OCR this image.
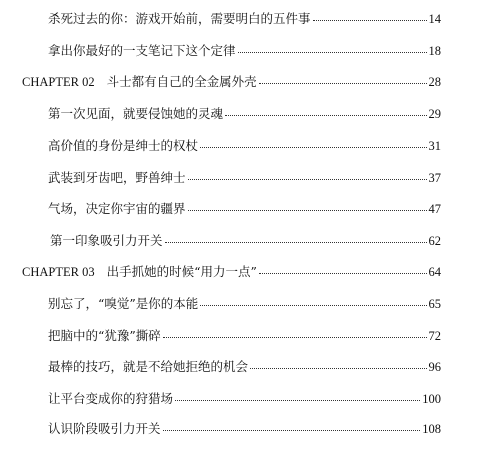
杀死过去的你：游戏开始前，需要明白的五件事	14
拿出你最好的一支笔记下这个定律	18
CHAPTER 02 斗士都有自己的全金属外壳	28
第一次见面，就要侵蚀她的灵魂	29
高价值的身份是绅士的权杖	31
武装到牙齿吧，野兽绅士	37
气场，决定你宇宙的疆界	47
第一印象吸引力开关	62
CHAPTER 03 出手抓她的时候“用力一点”	64
别忘了，“嗅觉”是你的本能	65
把脑中的“犹豫”撕碎	72
最棒的技巧，就是不给她拒绝的机会	96
让平台变成你的狩猎场	100
认识阶段吸引力开关	108
